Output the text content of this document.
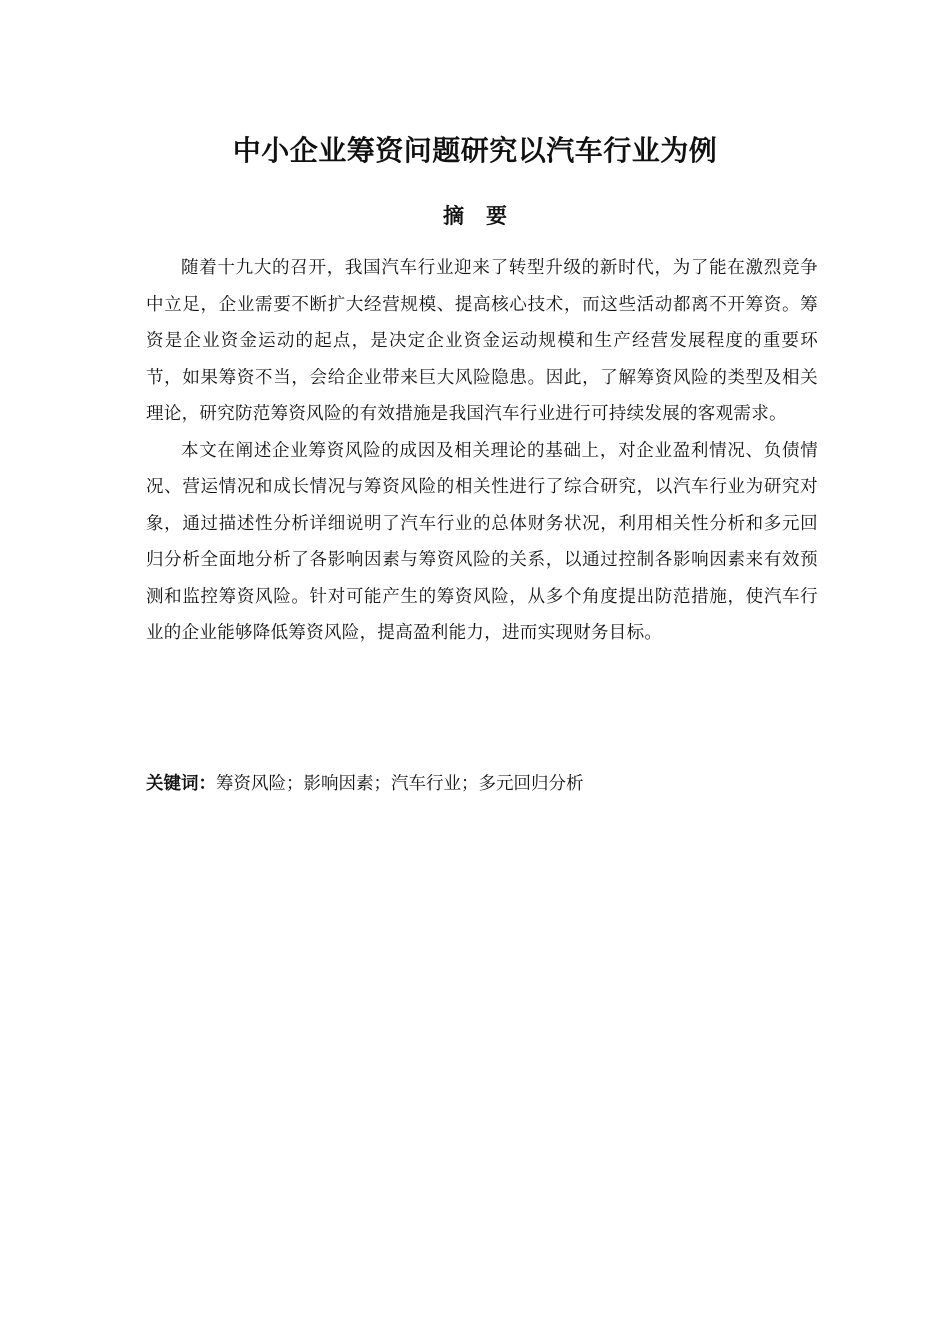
中小企业筹资问题研究以汽车行业为例
摘要

随着十九大的召开，我国汽车行业迎来了转型升级的新时代，为了能在激烈竞争中立足，企业需要不断扩大经营规模、提高核心技术，而这些活动都离不开筹资。筹资是企业资金运动的起点，是决定企业资金运动规模和生产经营发展程度的重要环节，如果筹资不当，会给企业带来巨大风险隐患。因此，了解筹资风险的类型及相关理论，研究防范筹资风险的有效措施是我国汽车行业进行可持续发展的客观需求。

本文在阐述企业筹资风险的成因及相关理论的基础上，对企业盈利情况、负债情况、营运情况和成长情况与筹资风险的相关性进行了综合研究，以汽车行业为研究对象，通过描述性分析详细说明了汽车行业的总体财务状况，利用相关性分析和多元回归分析全面地分析了各影响因素与筹资风险的关系，以通过控制各影响因素来有效预测和监控筹资风险。针对可能产生的筹资风险，从多个角度提出防范措施，使汽车行业的企业能够降低筹资风险，提高盈利能力，进而实现财务目标。

关键词：筹资风险；影响因素；汽车行业；多元回归分析
